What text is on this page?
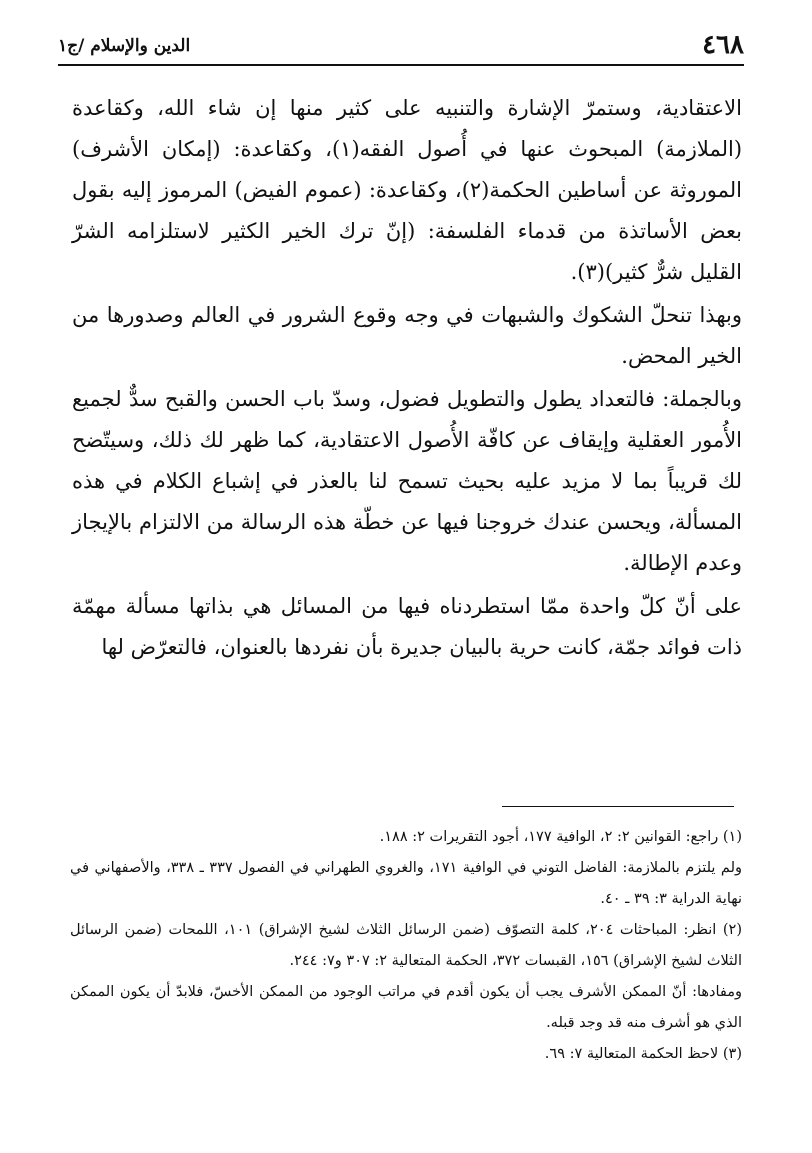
٤٦٨
الدين والإسلام /ج١

الاعتقادية، وستمرّ الإشارة والتنبيه على كثير منها إن شاء الله، وكقاعدة (الملازمة) المبحوث عنها في أُصول الفقه(١)، وكقاعدة: (إمكان الأشرف) الموروثة عن أساطين الحكمة(٢)، وكقاعدة: (عموم الفيض) المرموز إليه بقول بعض الأساتذة من قدماء الفلسفة: (إنّ ترك الخير الكثير لاستلزامه الشرّ القليل شرٌّ كثير)(٣).

وبهذا تنحلّ الشكوك والشبهات في وجه وقوع الشرور في العالم وصدورها من الخير المحض.

وبالجملة: فالتعداد يطول والتطويل فضول، وسدّ باب الحسن والقبح سدٌّ لجميع الأُمور العقلية وإيقاف عن كافّة الأُصول الاعتقادية، كما ظهر لك ذلك، وسيتّضح لك قريباً بما لا مزيد عليه بحيث تسمح لنا بالعذر في إشباع الكلام في هذه المسألة، ويحسن عندك خروجنا فيها عن خطّة هذه الرسالة من الالتزام بالإيجاز وعدم الإطالة.

على أنّ كلّ واحدة ممّا استطردناه فيها من المسائل هي بذاتها مسألة مهمّة ذات فوائد جمّة، كانت حرية بالبيان جديرة بأن نفردها بالعنوان، فالتعرّض لها

(١) راجع: القوانين ٢: ٢، الوافية ١٧٧، أجود التقريرات ٢: ١٨٨.

ولم يلتزم بالملازمة: الفاضل التوني في الوافية ١٧١، والغروي الطهراني في الفصول ٣٣٧ ـ ٣٣٨، والأصفهاني في نهاية الدراية ٣: ٣٩ ـ ٤٠.

(٢) انظر: المباحثات ٢٠٤، كلمة التصوّف (ضمن الرسائل الثلاث لشيخ الإشراق) ١٠١، اللمحات (ضمن الرسائل الثلاث لشيخ الإشراق) ١٥٦، القبسات ٣٧٢، الحكمة المتعالية ٢: ٣٠٧ و٧: ٢٤٤.

ومفادها: أنّ الممكن الأشرف يجب أن يكون أقدم في مراتب الوجود من الممكن الأخسّ، فلابدّ أن يكون الممكن الذي هو أشرف منه قد وجد قبله.

(٣) لاحظ الحكمة المتعالية ٧: ٦٩.
